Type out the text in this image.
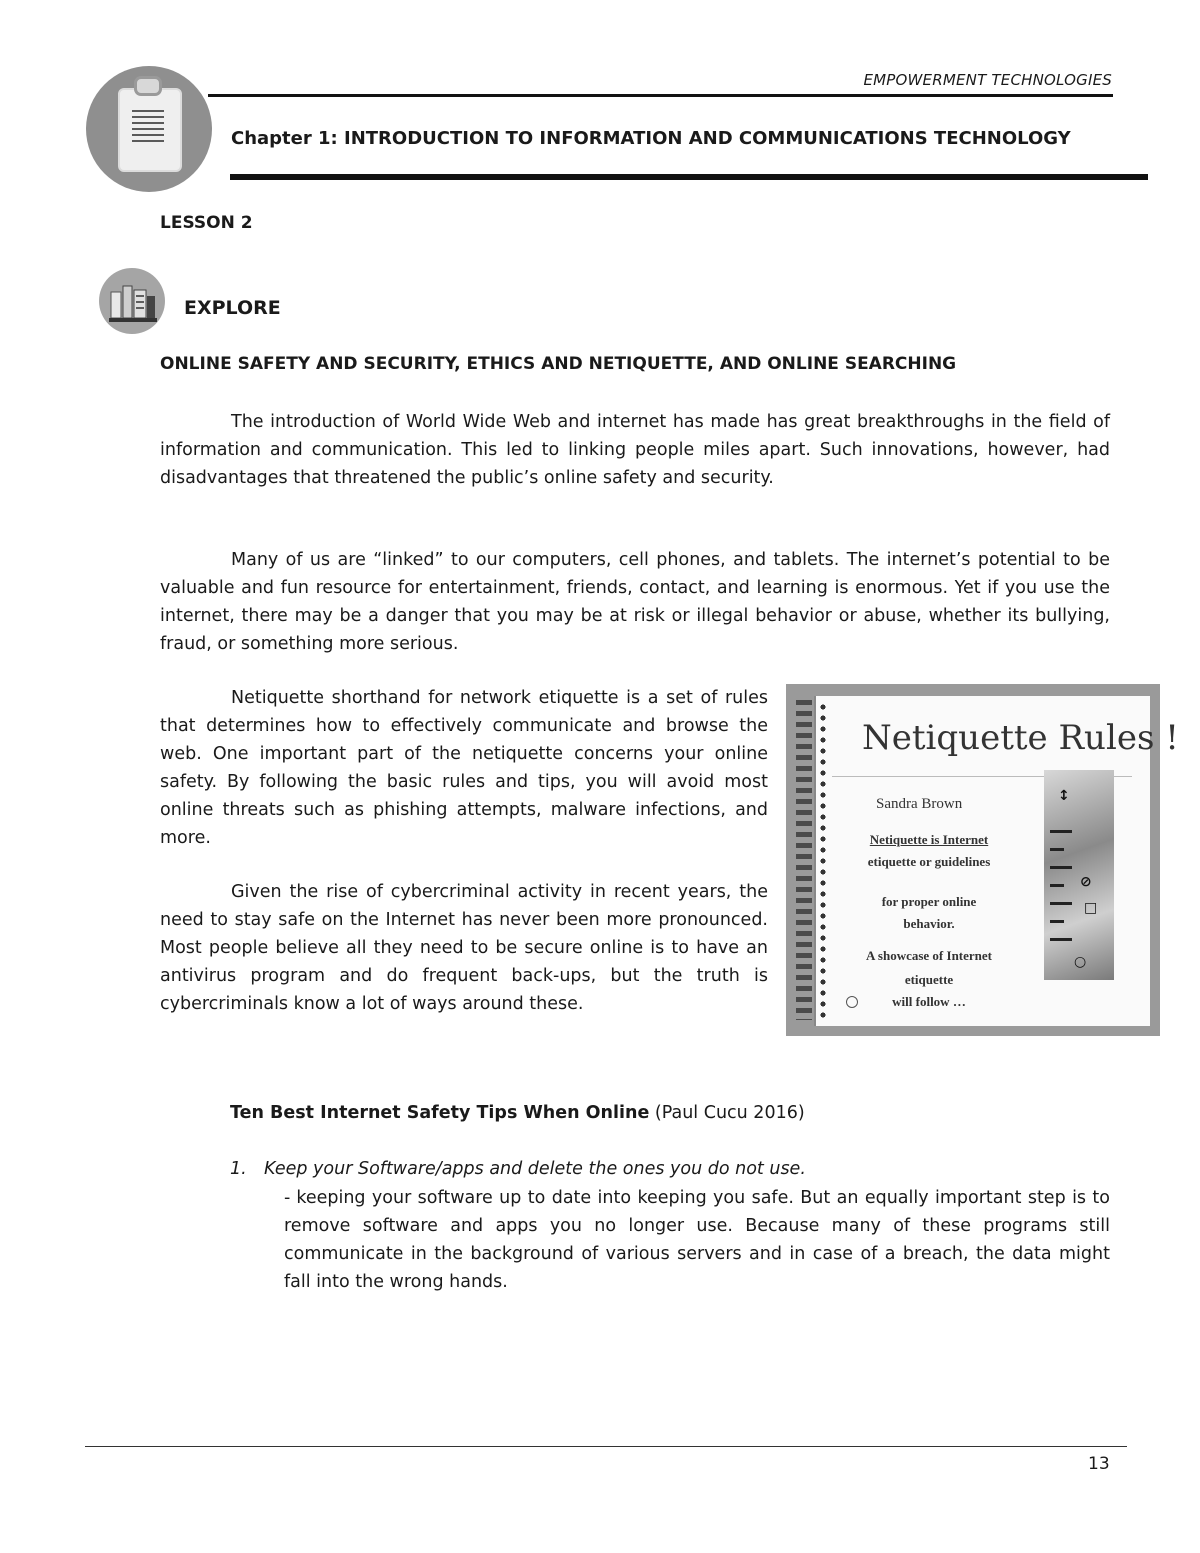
EMPOWERMENT TECHNOLOGIES
Chapter 1: INTRODUCTION TO INFORMATION AND COMMUNICATIONS TECHNOLOGY
LESSON 2
EXPLORE
ONLINE SAFETY AND SECURITY, ETHICS AND NETIQUETTE, AND ONLINE SEARCHING

The introduction of World Wide Web and internet has made has great breakthroughs in the field of information and communication. This led to linking people miles apart. Such innovations, however, had disadvantages that threatened the public’s online safety and security.

Many of us are “linked” to our computers, cell phones, and tablets. The internet’s potential to be valuable and fun resource for entertainment, friends, contact, and learning is enormous. Yet if you use the internet, there may be a danger that you may be at risk or illegal behavior or abuse, whether its bullying, fraud, or something more serious.

Netiquette shorthand for network etiquette is a set of rules that determines how to effectively communicate and browse the web. One important part of the netiquette concerns your online safety. By following the basic rules and tips, you will avoid most online threats such as phishing attempts, malware infections, and more.

Given the rise of cybercriminal activity in recent years, the need to stay safe on the Internet has never been more pronounced. Most people believe all they need to be secure online is to have an antivirus program and do frequent back-ups, but the truth is cybercriminals know a lot of ways around these.

Netiquette Rules !
Sandra Brown
Netiquette is Internet
etiquette or guidelines
for proper online
behavior.
A showcase of Internet
etiquette
will follow …
↕
⊘
□
○
Ten Best Internet Safety Tips When Online (Paul Cucu 2016)
1. Keep your Software/apps and delete the ones you do not use.

- keeping your software up to date into keeping you safe. But an equally important step is to remove software and apps you no longer use. Because many of these programs still communicate in the background of various servers and in case of a breach, the data might fall into the wrong hands.

13
